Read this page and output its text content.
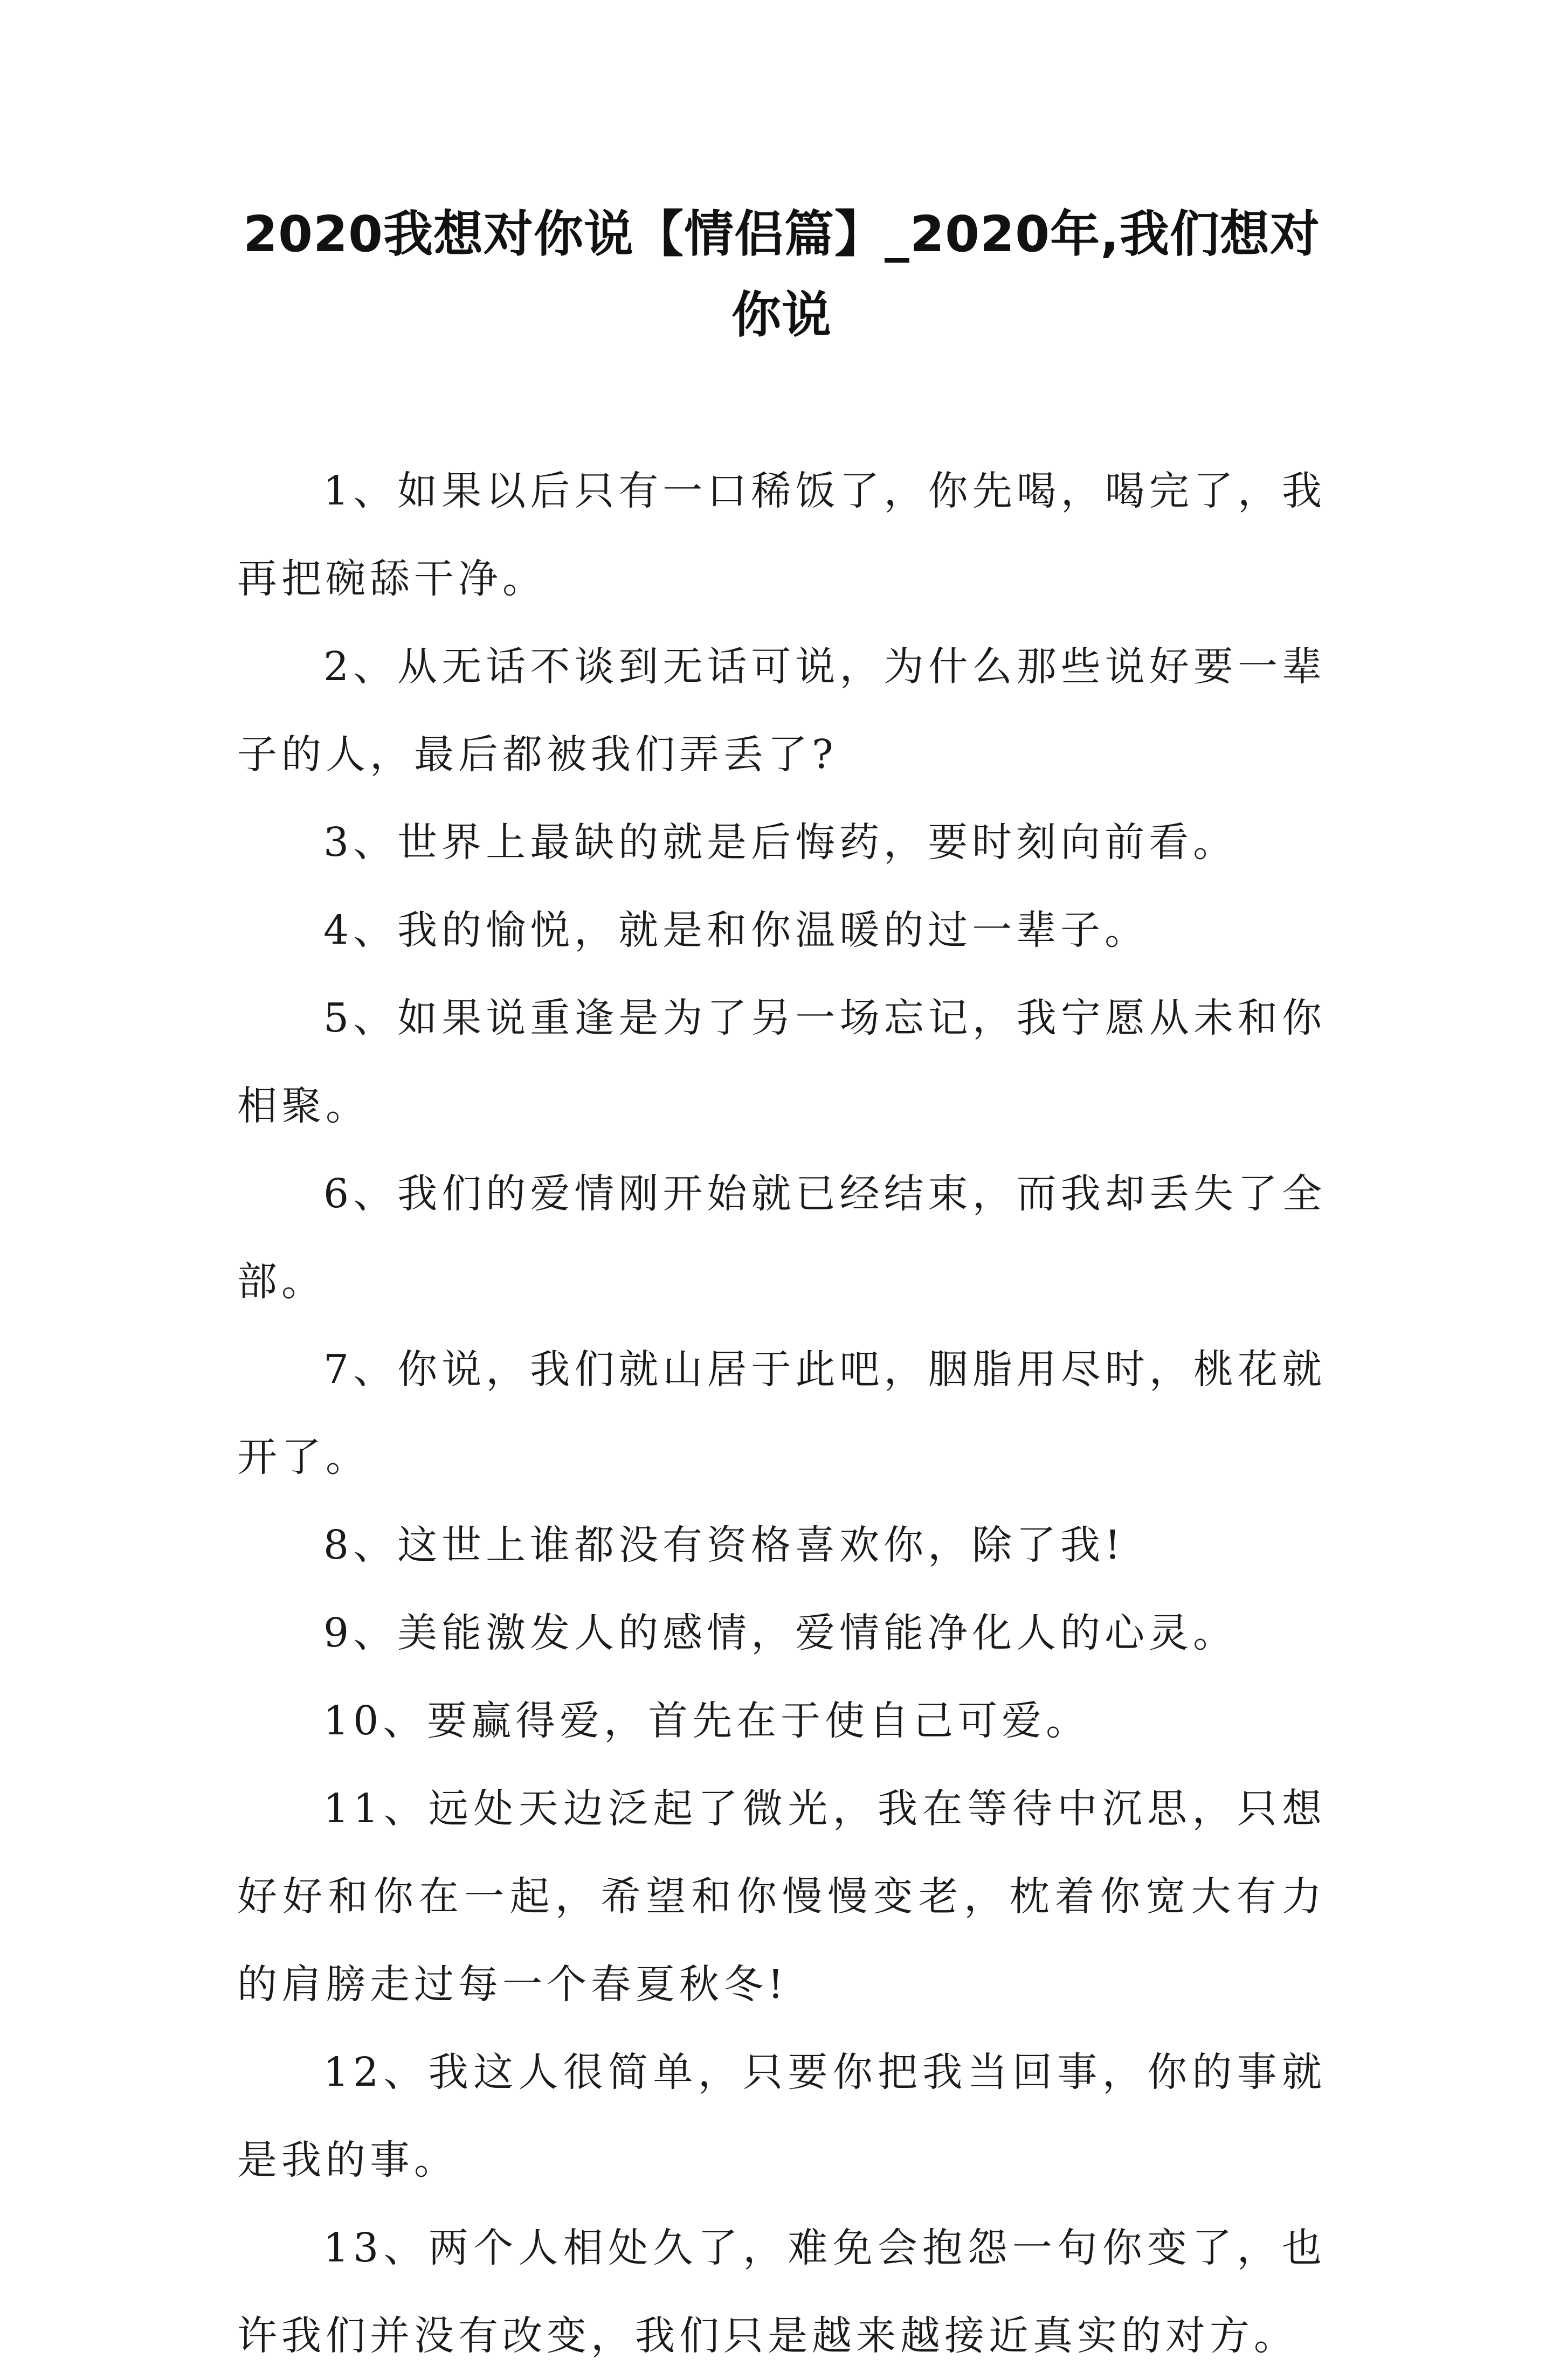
2020我想对你说【情侣篇】_2020年,我们想对你说

1、如果以后只有一口稀饭了，你先喝，喝完了，我再把碗舔干净。

2、从无话不谈到无话可说，为什么那些说好要一辈子的人，最后都被我们弄丢了?

3、世界上最缺的就是后悔药，要时刻向前看。

4、我的愉悦，就是和你温暖的过一辈子。

5、如果说重逢是为了另一场忘记，我宁愿从未和你相聚。

6、我们的爱情刚开始就已经结束，而我却丢失了全部。

7、你说，我们就山居于此吧，胭脂用尽时，桃花就开了。

8、这世上谁都没有资格喜欢你，除了我!

9、美能激发人的感情，爱情能净化人的心灵。

10、要赢得爱，首先在于使自己可爱。

11、远处天边泛起了微光，我在等待中沉思，只想好好和你在一起，希望和你慢慢变老，枕着你宽大有力的肩膀走过每一个春夏秋冬!

12、我这人很简单，只要你把我当回事，你的事就是我的事。

13、两个人相处久了，难免会抱怨一句你变了，也许我们并没有改变，我们只是越来越接近真实的对方。
